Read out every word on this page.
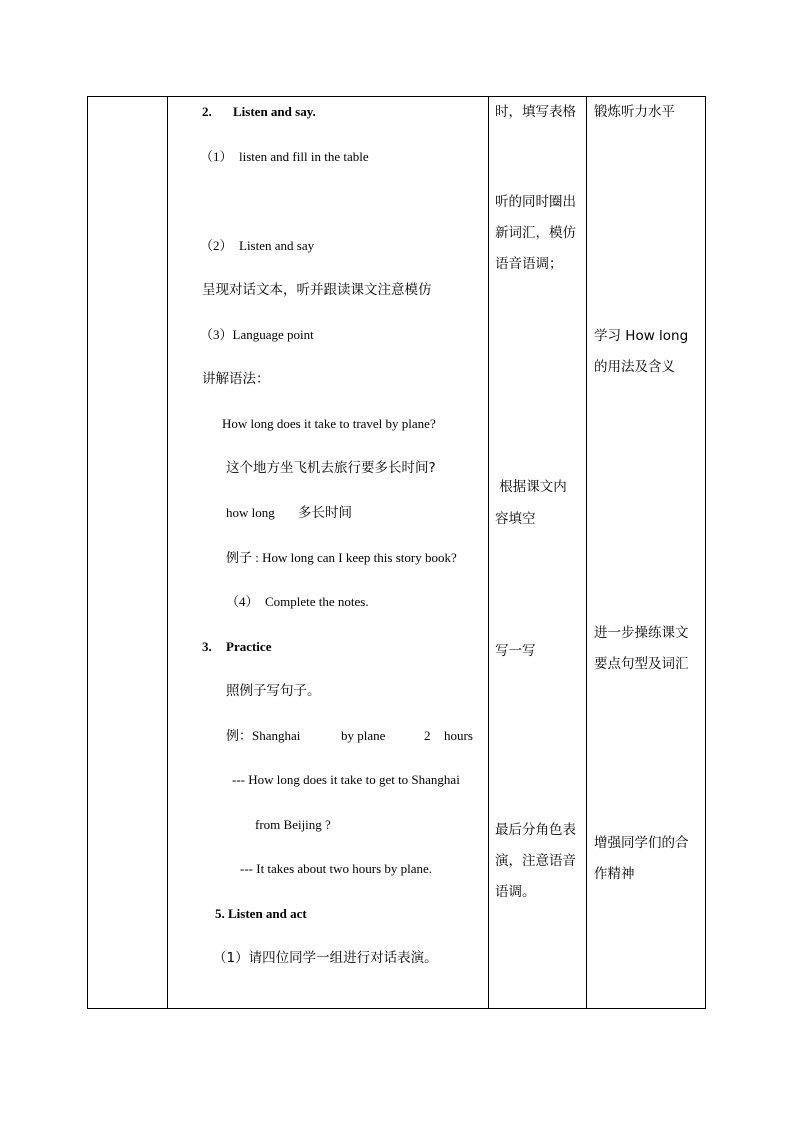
2. Listen and say.
（1）　listen and fill in the table
（2）　Listen and say
呈现对话文本，听并跟读课文注意模仿
（3）Language point
讲解语法：
How long does it take to travel by plane?
这个地方坐飞机去旅行要多长时间?
how long 多长时间
例子 : How long can I keep this story book?
（4）　Complete the notes.
3. Practice
照例子写句子。
例：Shanghai	by plane	2 hours
--- How long does it take to get to Shanghai
from Beijing ?
--- It takes about two hours by plane.
5. Listen and act
（1）请四位同学一组进行对话表演。
时，填写表格
听的同时圈出
新词汇，模仿
语音语调；
根据课文内
容填空
写一写
最后分角色表
演，注意语音
语调。
锻炼听力水平
学习 How long
的用法及含义
进一步操练课文
要点句型及词汇
增强同学们的合
作精神
